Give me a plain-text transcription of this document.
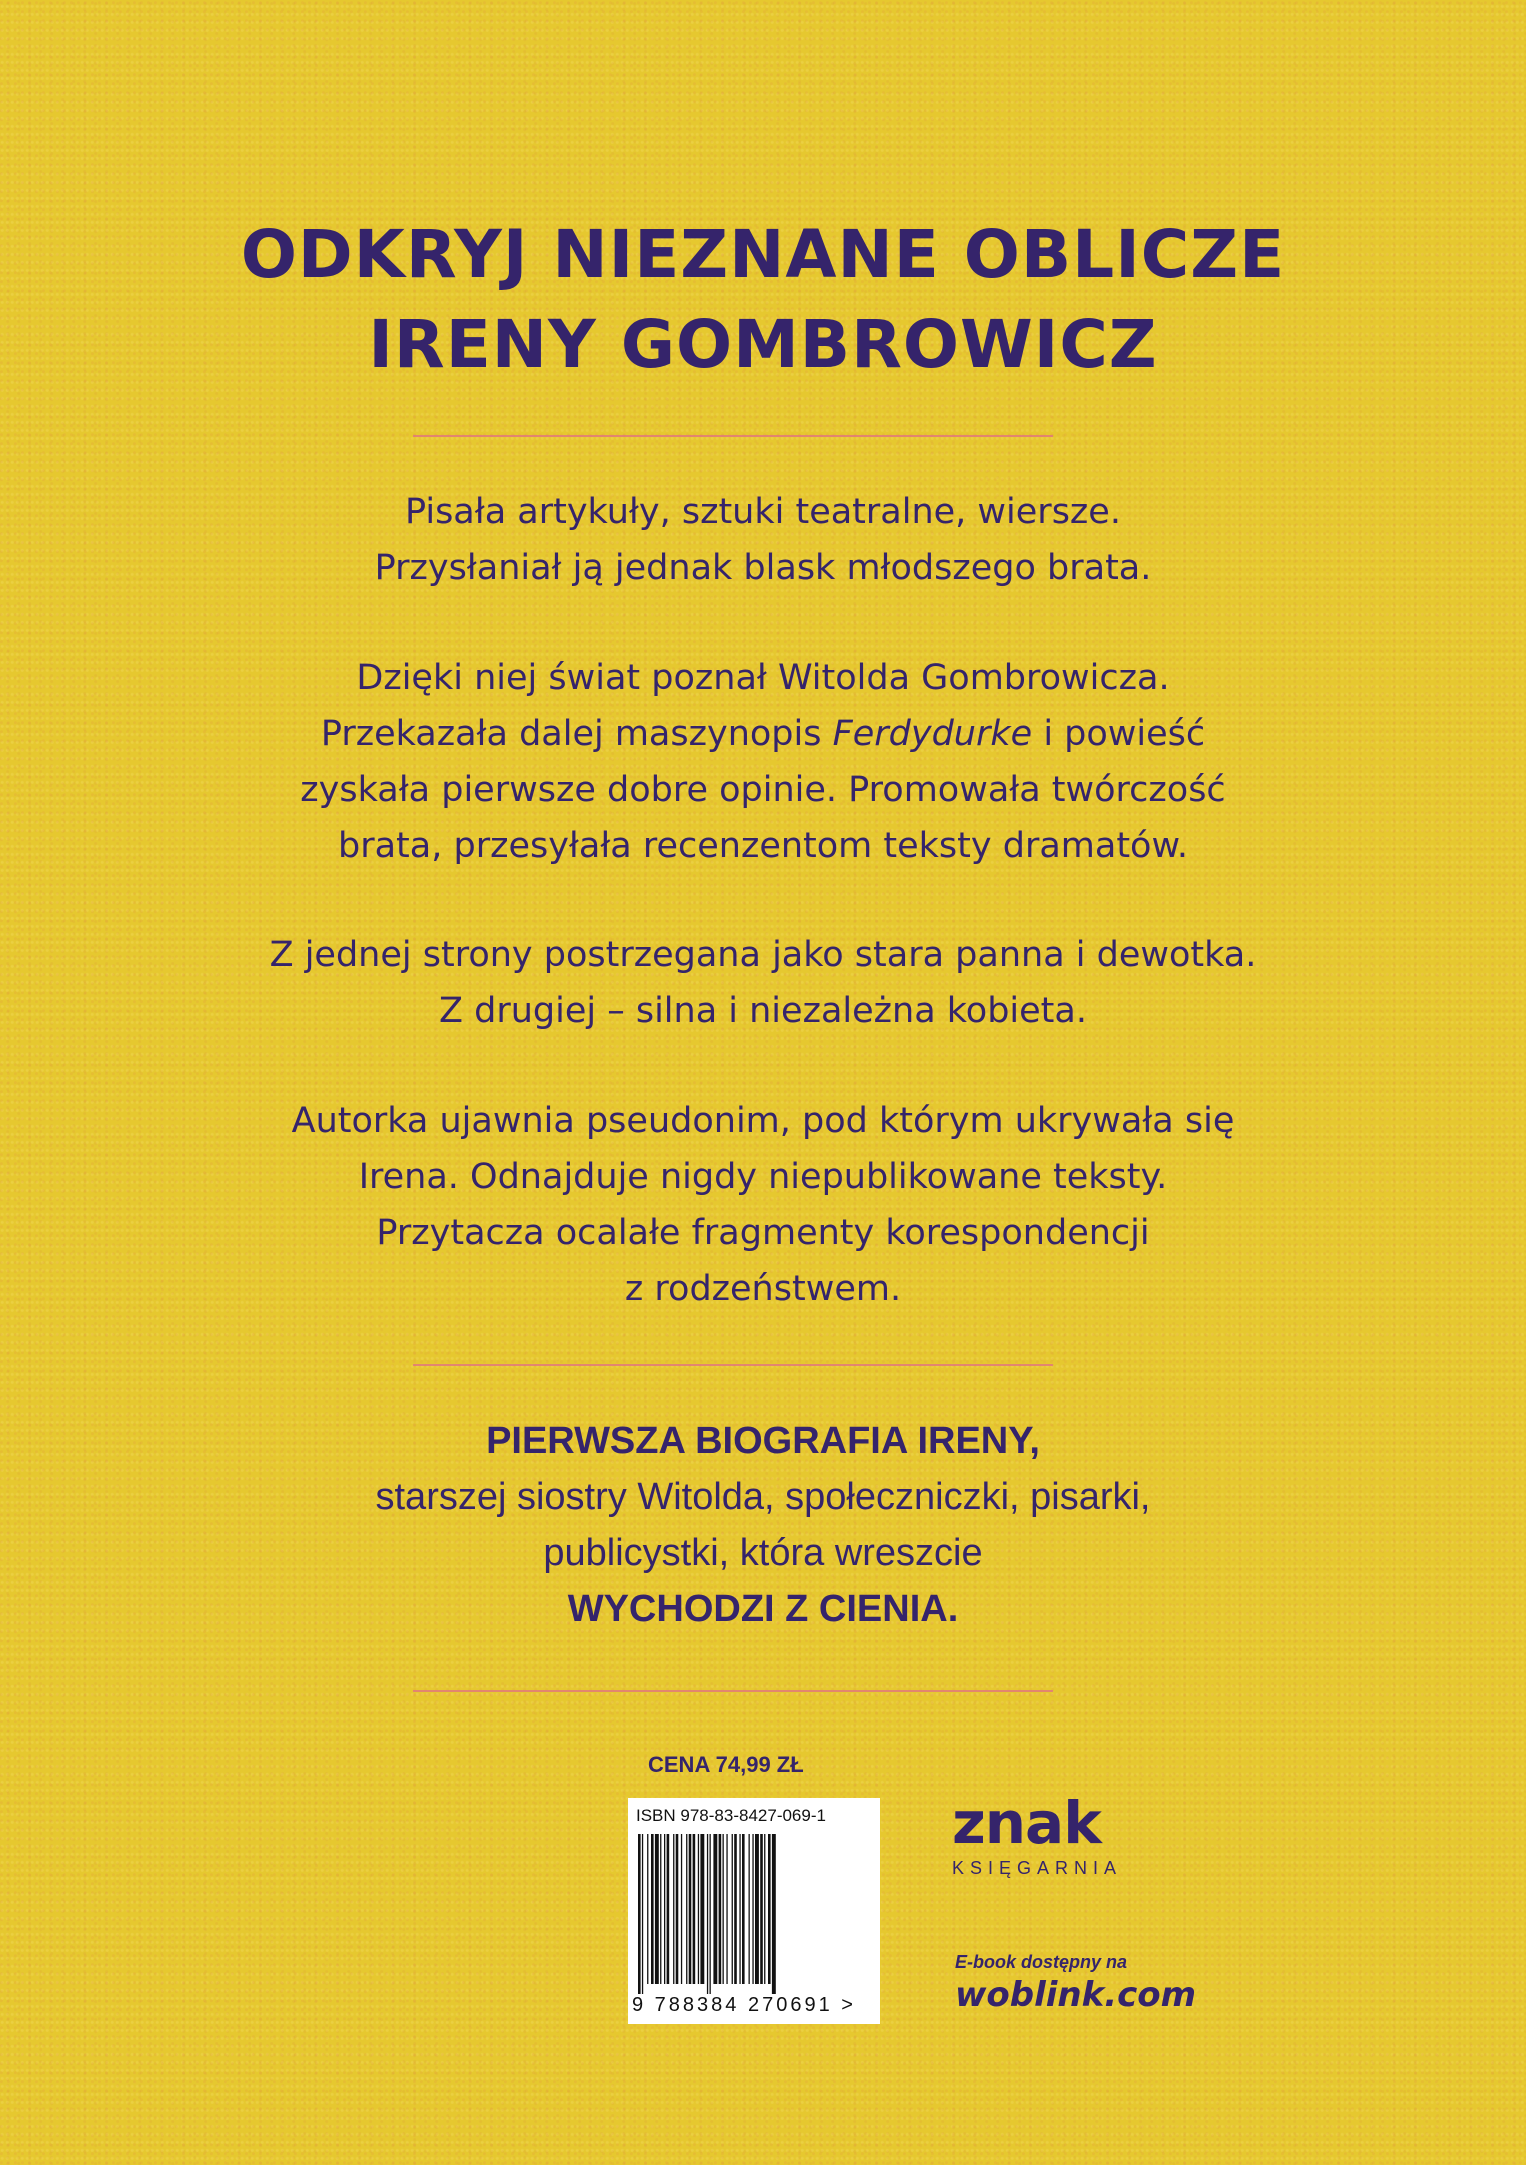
ODKRYJ NIEZNANE OBLICZE
IRENY GOMBROWICZ
Pisała artykuły, sztuki teatralne, wiersze.
Przysłaniał ją jednak blask młodszego brata.
Dzięki niej świat poznał Witolda Gombrowicza.
Przekazała dalej maszynopis Ferdydurke i powieść
zyskała pierwsze dobre opinie. Promowała twórczość
brata, przesyłała recenzentom teksty dramatów.
Z jednej strony postrzegana jako stara panna i dewotka.
Z drugiej – silna i niezależna kobieta.
Autorka ujawnia pseudonim, pod którym ukrywała się
Irena. Odnajduje nigdy niepublikowane teksty.
Przytacza ocalałe fragmenty korespondencji
z rodzeństwem.
PIERWSZA BIOGRAFIA IRENY,
starszej siostry Witolda, społeczniczki, pisarki,
publicystki, która wreszcie
WYCHODZI Z CIENIA.
CENA 74,99 ZŁ
ISBN 978-83-8427-069-1
9 788384 270691 >
znak
KSIĘGARNIA
E-book dostępny na
woblink.com
